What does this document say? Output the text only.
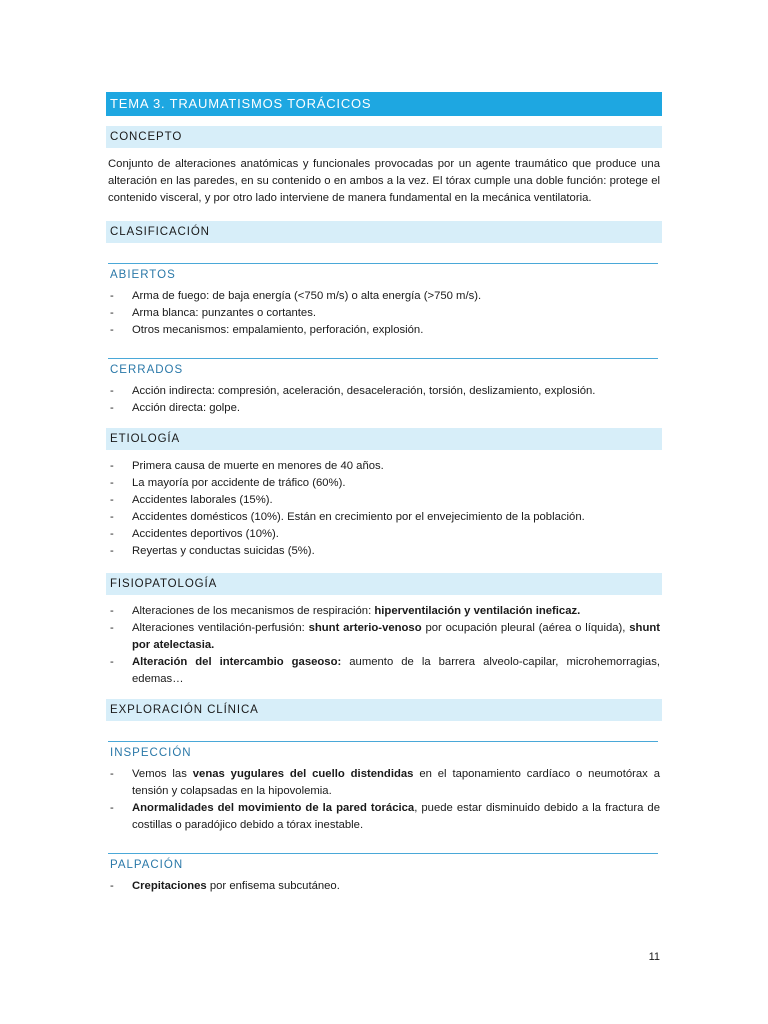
TEMA 3. TRAUMATISMOS TORÁCICOS
CONCEPTO

Conjunto de alteraciones anatómicas y funcionales provocadas por un agente traumático que produce una alteración en las paredes, en su contenido o en ambos a la vez. El tórax cumple una doble función: protege el contenido visceral, y por otro lado interviene de manera fundamental en la mecánica ventilatoria.

CLASIFICACIÓN
ABIERTOS
- Arma de fuego: de baja energía (<750 m/s) o alta energía (>750 m/s).
- Arma blanca: punzantes o cortantes.
- Otros mecanismos: empalamiento, perforación, explosión.
CERRADOS
- Acción indirecta: compresión, aceleración, desaceleración, torsión, deslizamiento, explosión.
- Acción directa: golpe.
ETIOLOGÍA
- Primera causa de muerte en menores de 40 años.
- La mayoría por accidente de tráfico (60%).
- Accidentes laborales (15%).
- Accidentes domésticos (10%). Están en crecimiento por el envejecimiento de la población.
- Accidentes deportivos (10%).
- Reyertas y conductas suicidas (5%).
FISIOPATOLOGÍA
- Alteraciones de los mecanismos de respiración: hiperventilación y ventilación ineficaz.
- Alteraciones ventilación-perfusión: shunt arterio-venoso por ocupación pleural (aérea o líquida), shunt por atelectasia.
- Alteración del intercambio gaseoso: aumento de la barrera alveolo-capilar, microhemorragias, edemas…
EXPLORACIÓN CLÍNICA
INSPECCIÓN
- Vemos las venas yugulares del cuello distendidas en el taponamiento cardíaco o neumotórax a tensión y colapsadas en la hipovolemia.
- Anormalidades del movimiento de la pared torácica, puede estar disminuido debido a la fractura de costillas o paradójico debido a tórax inestable.
PALPACIÓN
- Crepitaciones por enfisema subcutáneo.
11
